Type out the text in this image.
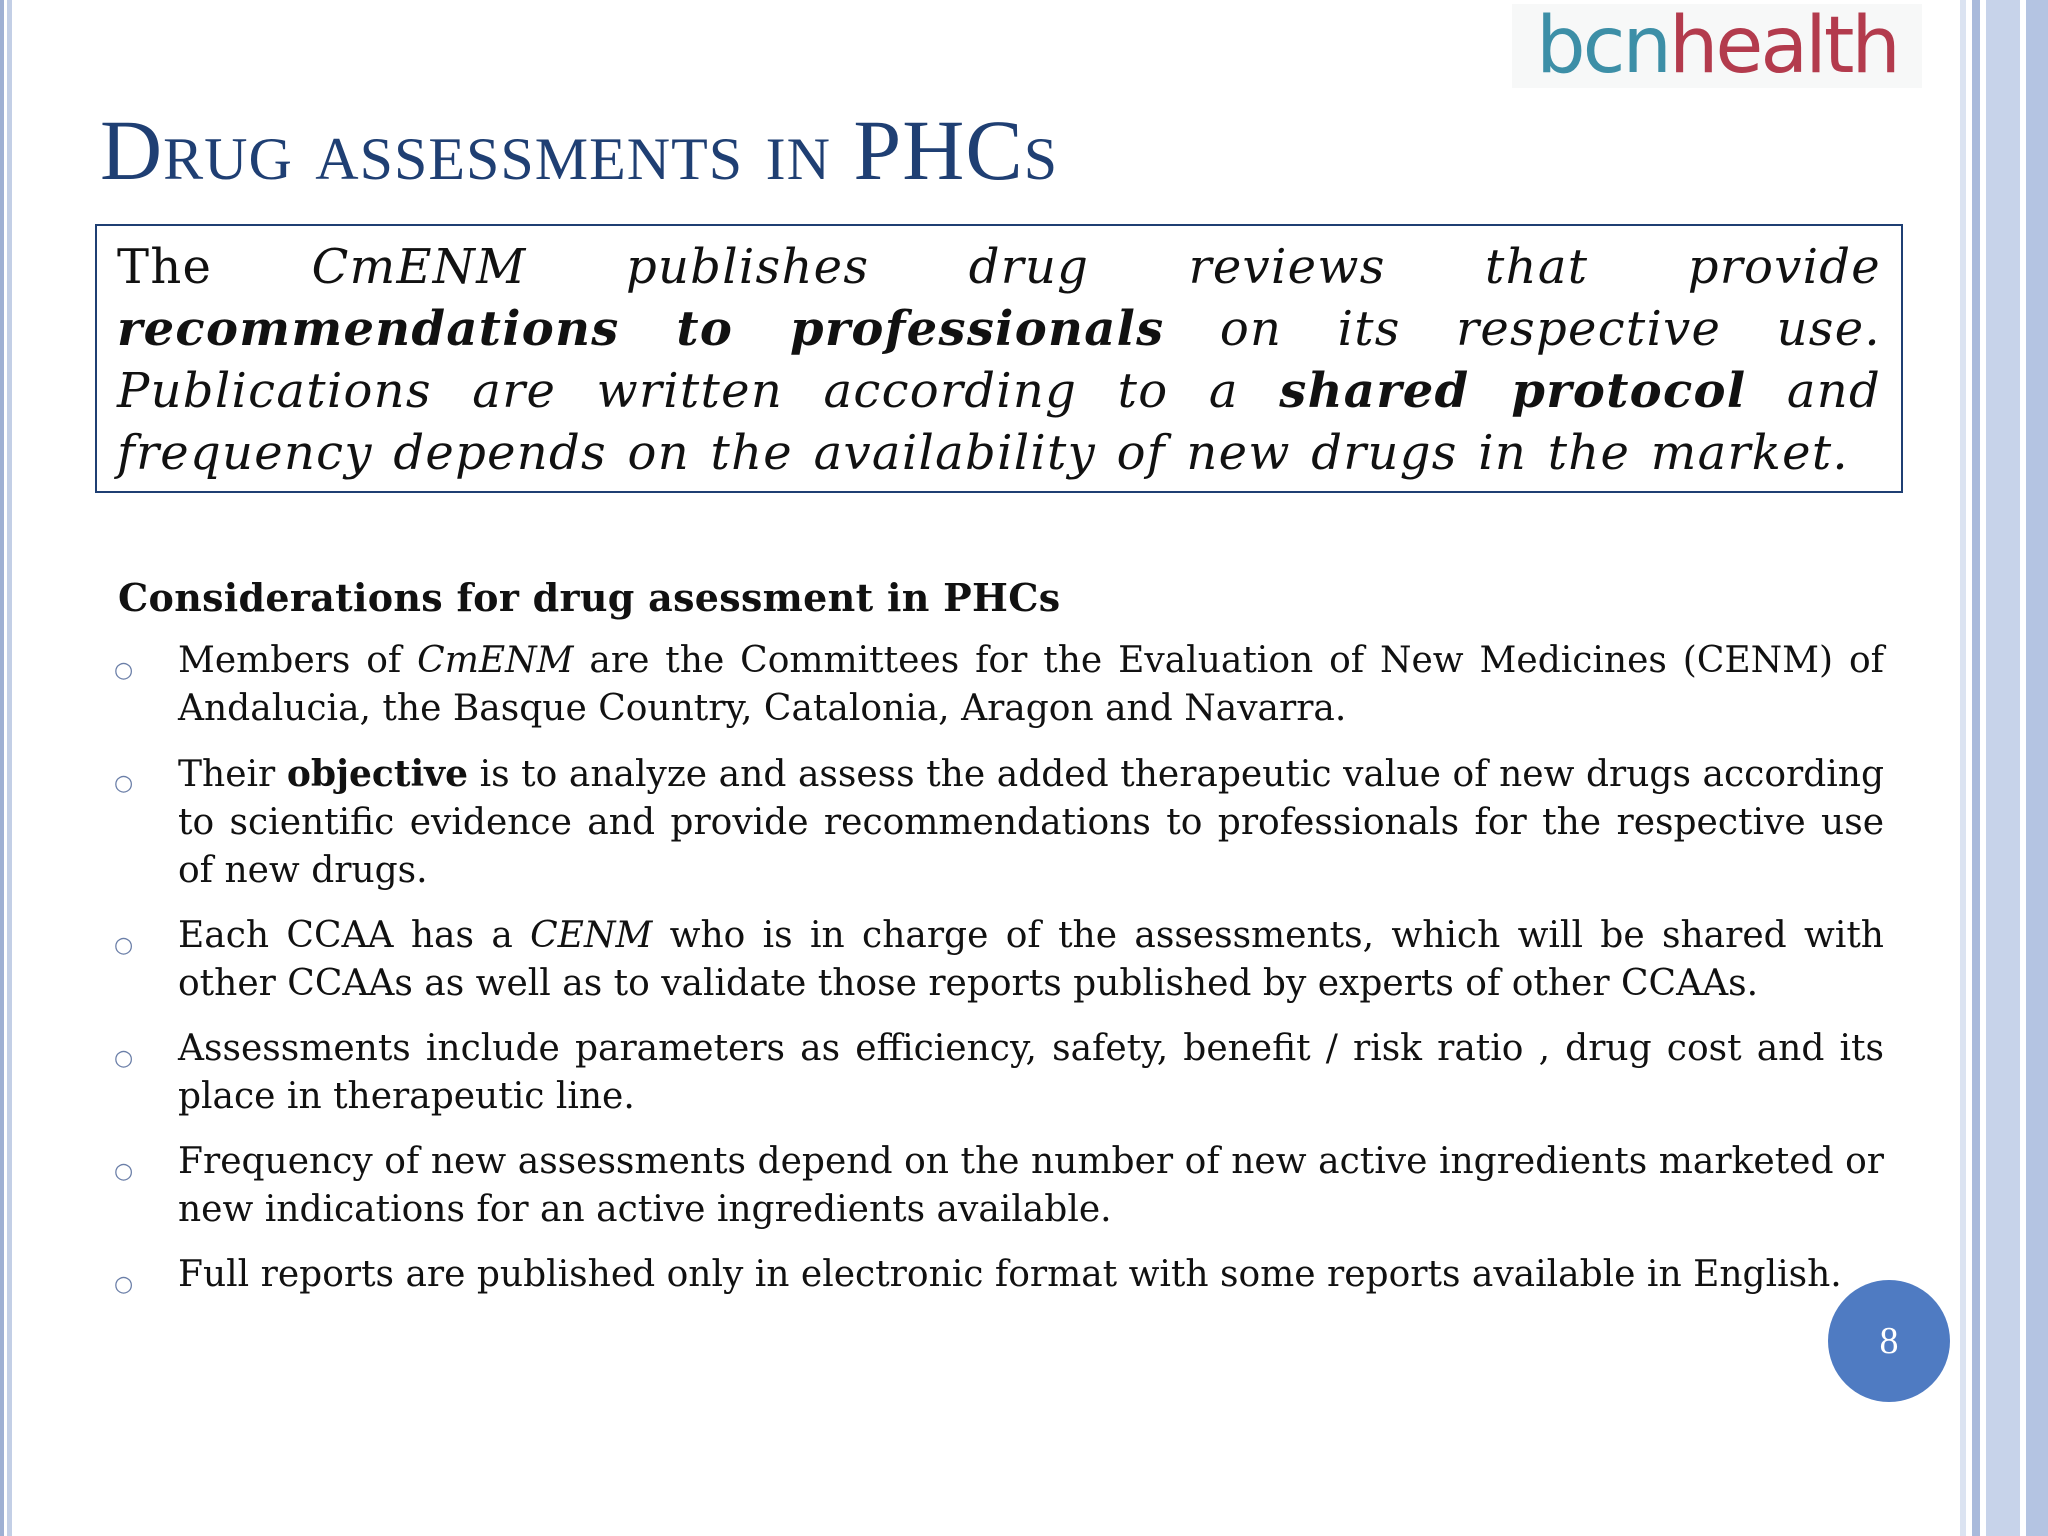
bcnhealth
Drug assessments in PHCs

The CmENM publishes drug reviews that provide recommendations to professionals on its respective use. Publications are written according to a shared protocol and frequency depends on the availability of new drugs in the market.

Considerations for drug asessment in PHCs
○ Members of CmENM are the Committees for the Evaluation of New Medicines (CENM) of Andalucia, the Basque Country, Catalonia, Aragon and Navarra.
○ Their objective is to analyze and assess the added therapeutic value of new drugs according to scientific evidence and provide recommendations to professionals for the respective use of new drugs.
○ Each CCAA has a CENM who is in charge of the assessments, which will be shared with other CCAAs as well as to validate those reports published by experts of other CCAAs.
○ Assessments include parameters as efficiency, safety, benefit / risk ratio , drug cost and its place in therapeutic line.
○ Frequency of new assessments depend on the number of new active ingredients marketed or new indications for an active ingredients available.
○ Full reports are published only in electronic format with some reports available in English.
8
